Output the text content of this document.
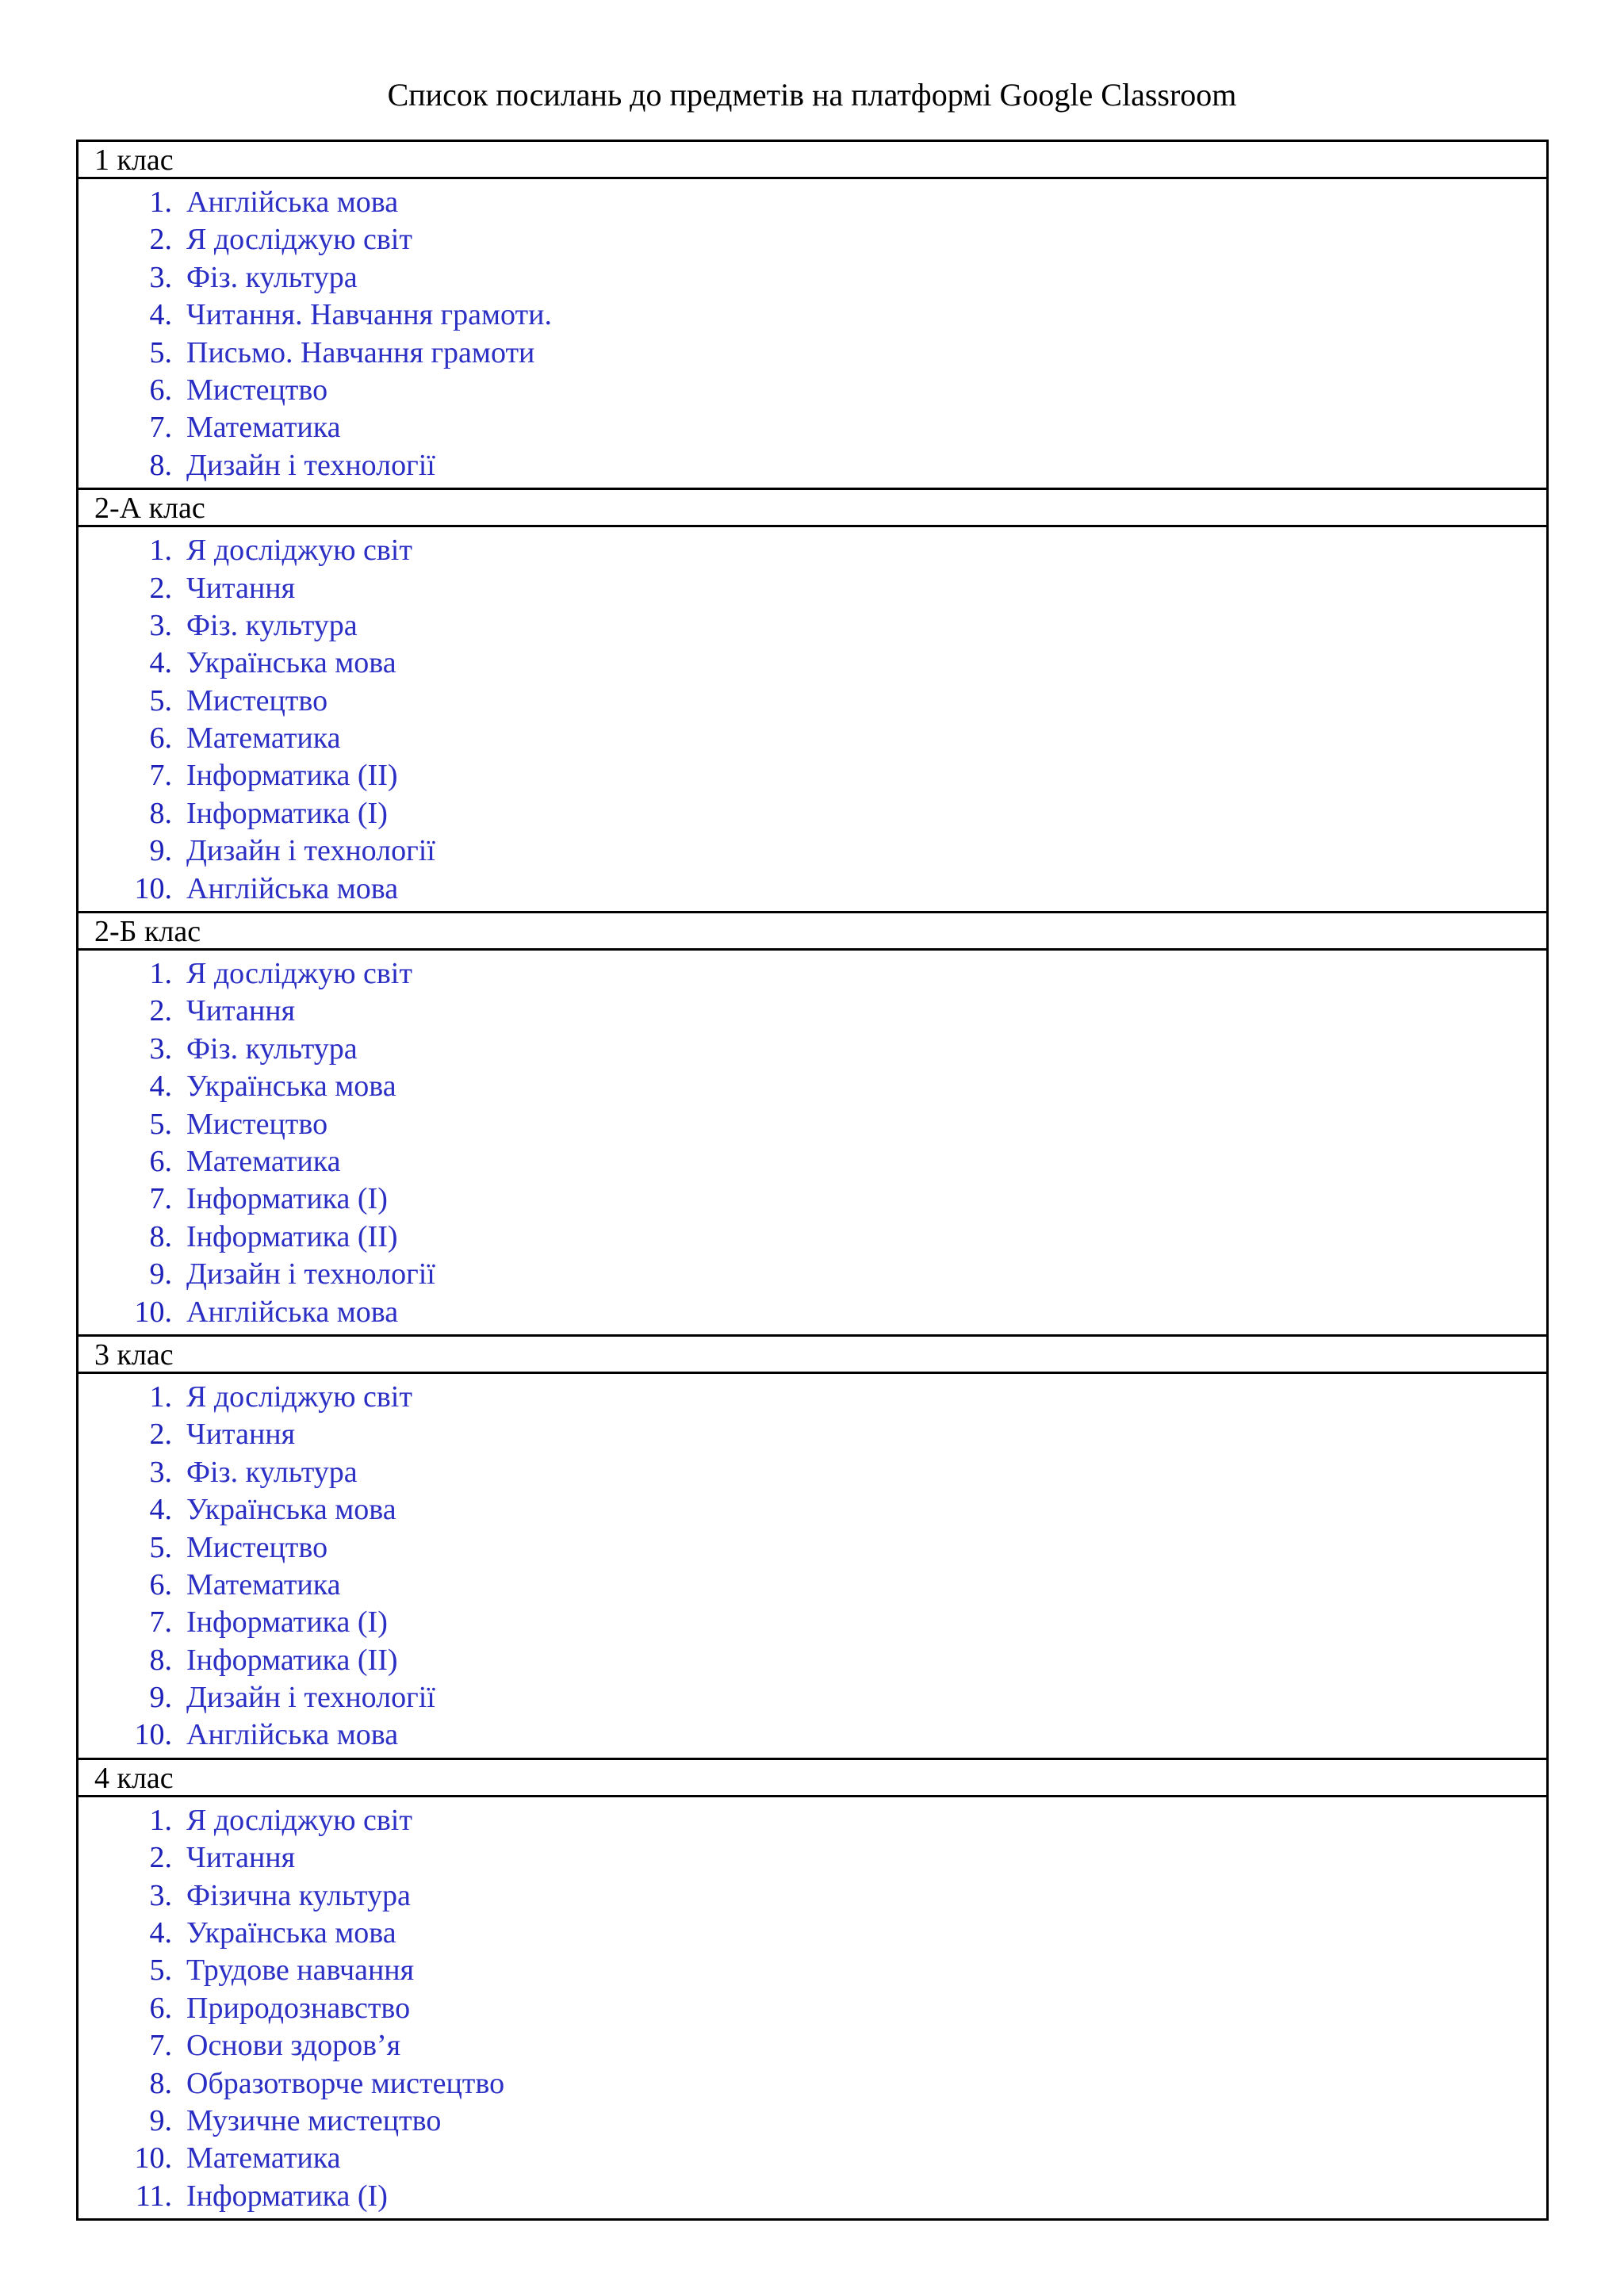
Список посилань до предметів на платформі Google Classroom
1 клас
1. Англійська мова
2. Я досліджую світ
3. Фіз. культура
4. Читання. Навчання грамоти.
5. Письмо. Навчання грамоти
6. Мистецтво
7. Математика
8. Дизайн і технології
2-А клас
1. Я досліджую світ
2. Читання
3. Фіз. культура
4. Українська мова
5. Мистецтво
6. Математика
7. Інформатика (ІІ)
8. Інформатика (І)
9. Дизайн і технології
10. Англійська мова
2-Б клас
1. Я досліджую світ
2. Читання
3. Фіз. культура
4. Українська мова
5. Мистецтво
6. Математика
7. Інформатика (І)
8. Інформатика (ІІ)
9. Дизайн і технології
10. Англійська мова
3 клас
1. Я досліджую світ
2. Читання
3. Фіз. культура
4. Українська мова
5. Мистецтво
6. Математика
7. Інформатика (І)
8. Інформатика (ІІ)
9. Дизайн і технології
10. Англійська мова
4 клас
1. Я досліджую світ
2. Читання
3. Фізична культура
4. Українська мова
5. Трудове навчання
6. Природознавство
7. Основи здоров’я
8. Образотворче мистецтво
9. Музичне мистецтво
10. Математика
11. Інформатика (І)
